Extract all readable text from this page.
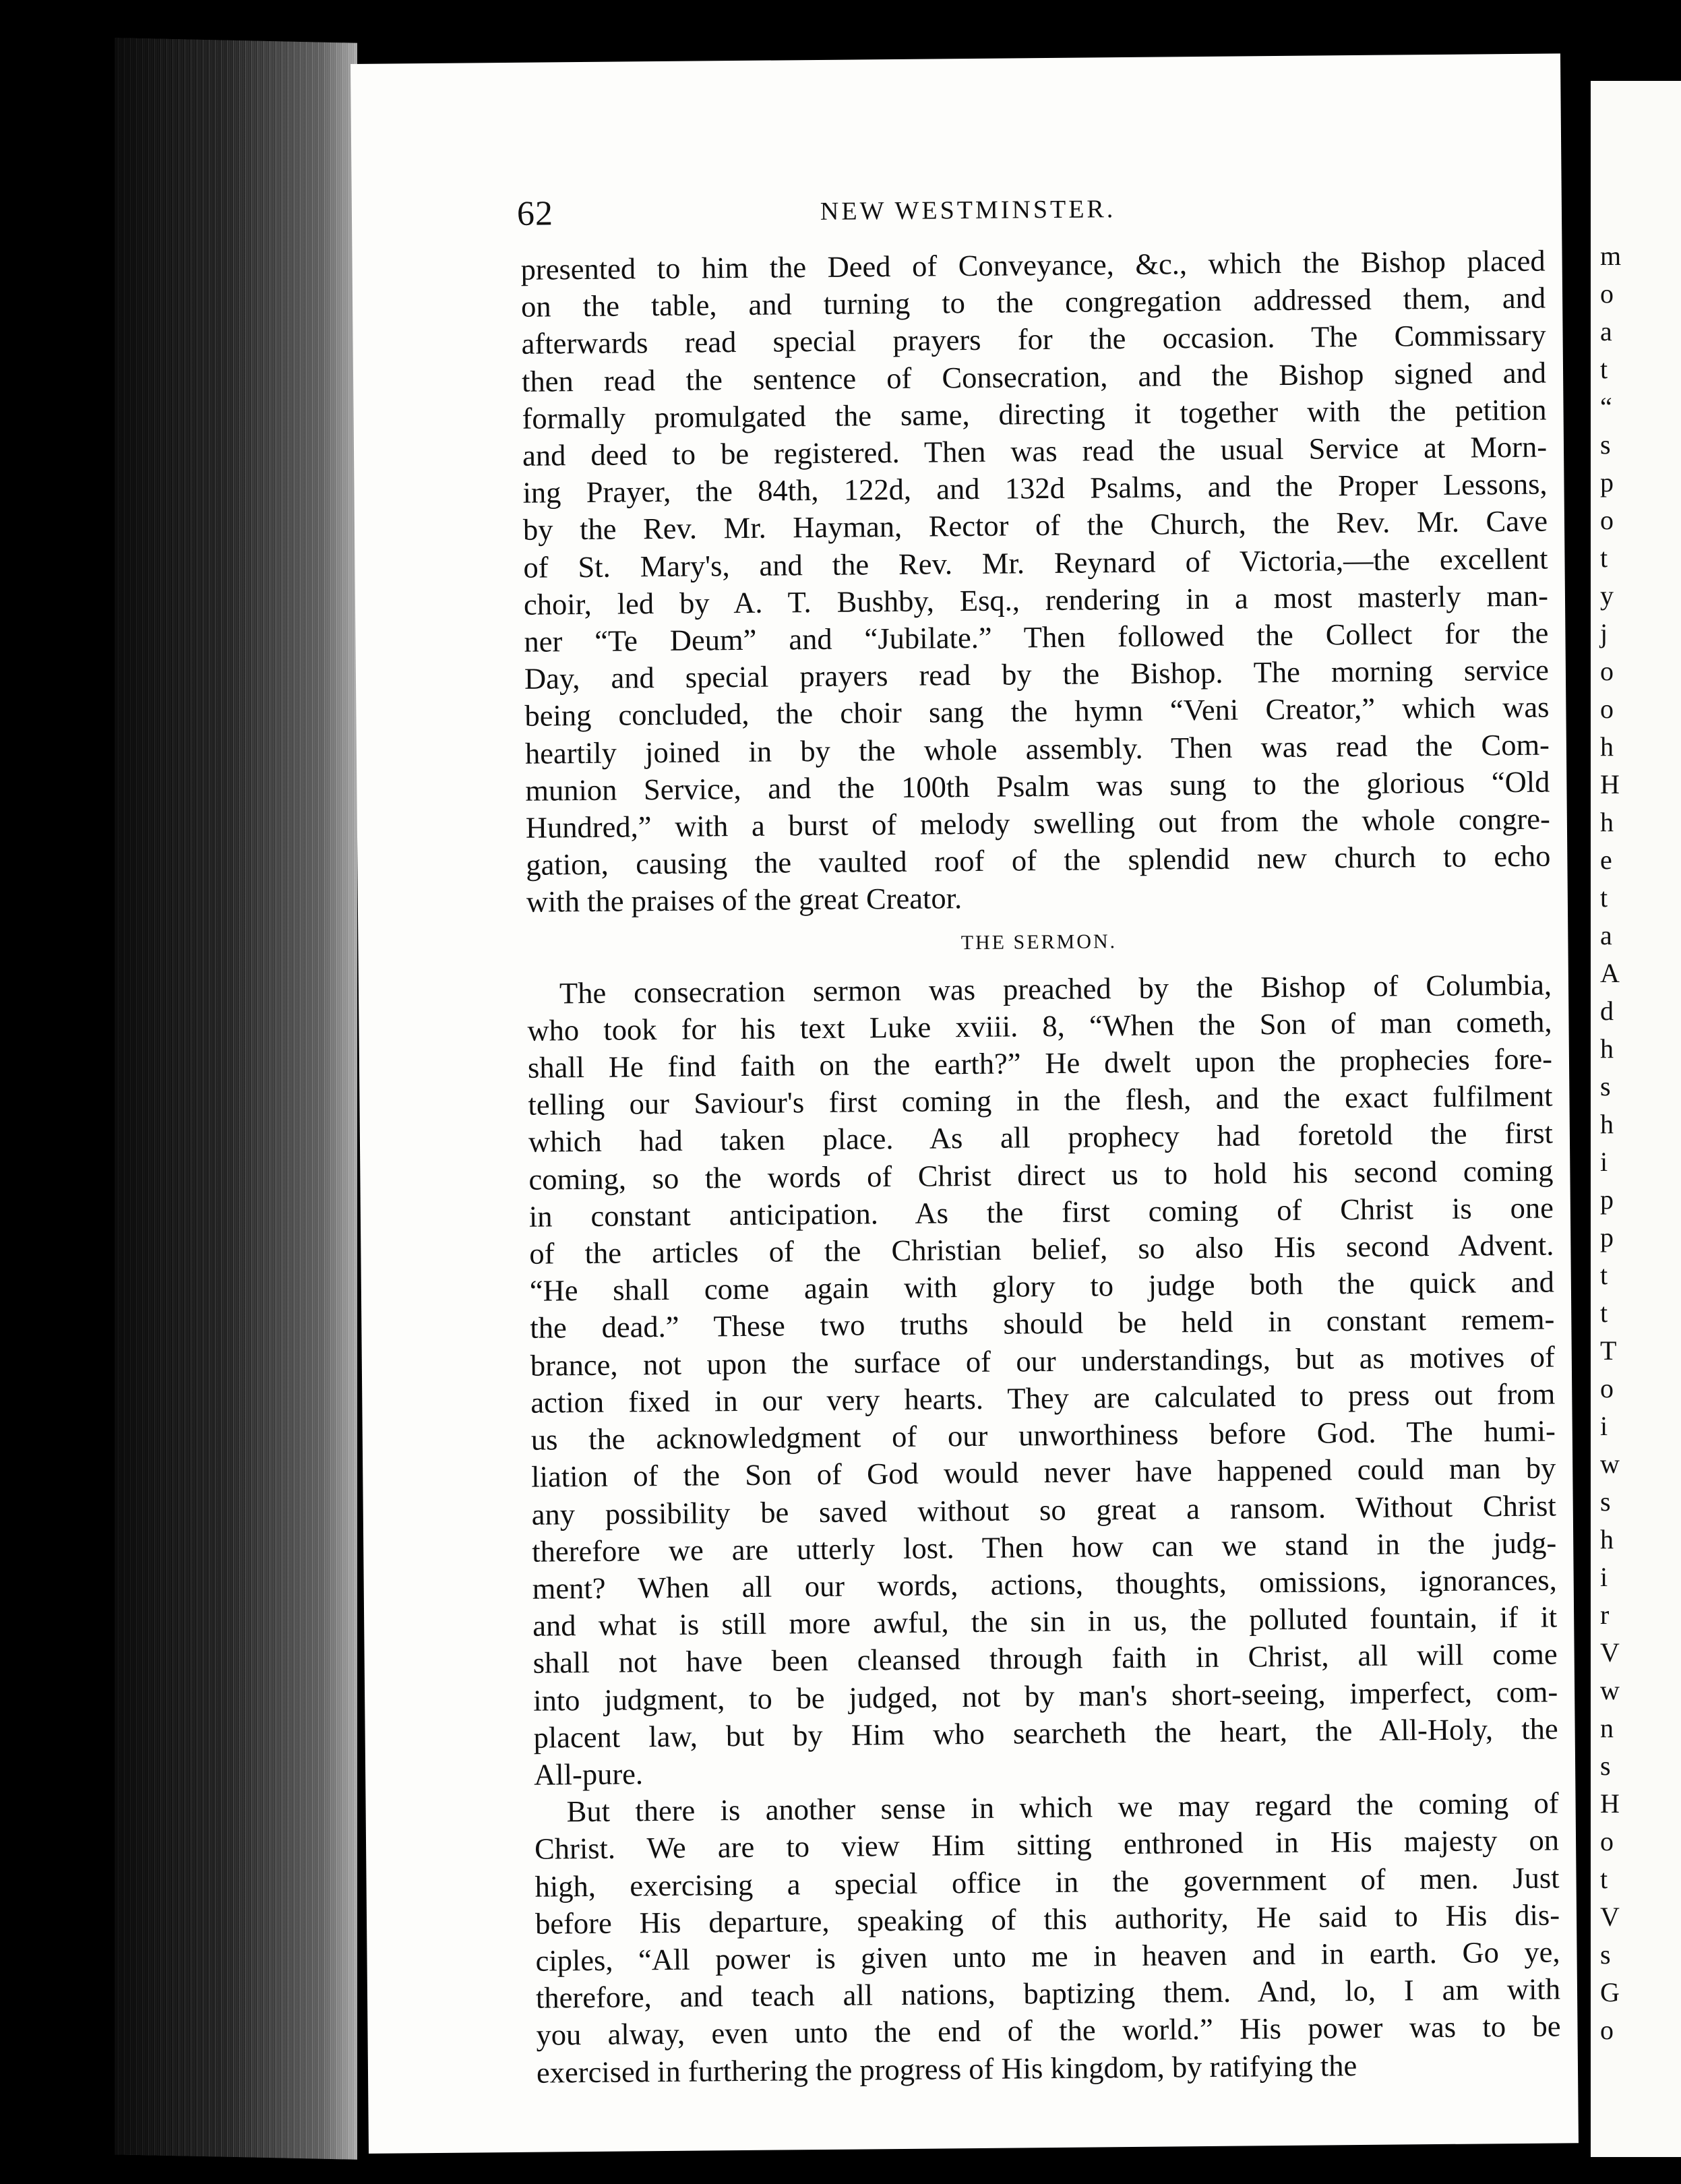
62	NEW WESTMINSTER.
presented to him the Deed of Conveyance, &c., which the Bishop placed
on the table, and turning to the congregation addressed them, and
afterwards read special prayers for the occasion. The Commissary
then read the sentence of Consecration, and the Bishop signed and
formally promulgated the same, directing it together with the petition
and deed to be registered. Then was read the usual Service at Morn-
ing Prayer, the 84th, 122d, and 132d Psalms, and the Proper Lessons,
by the Rev. Mr. Hayman, Rector of the Church, the Rev. Mr. Cave
of St. Mary's, and the Rev. Mr. Reynard of Victoria,—the excellent
choir, led by A. T. Bushby, Esq., rendering in a most masterly man-
ner “Te Deum” and “Jubilate.” Then followed the Collect for the
Day, and special prayers read by the Bishop. The morning service
being concluded, the choir sang the hymn “Veni Creator,” which was
heartily joined in by the whole assembly. Then was read the Com-
munion Service, and the 100th Psalm was sung to the glorious “Old
Hundred,” with a burst of melody swelling out from the whole congre-
gation, causing the vaulted roof of the splendid new church to echo
with the praises of the great Creator.
THE SERMON.
The consecration sermon was preached by the Bishop of Columbia,
who took for his text Luke xviii. 8, “When the Son of man cometh,
shall He find faith on the earth?” He dwelt upon the prophecies fore-
telling our Saviour's first coming in the flesh, and the exact fulfilment
which had taken place. As all prophecy had foretold the first
coming, so the words of Christ direct us to hold his second coming
in constant anticipation. As the first coming of Christ is one
of the articles of the Christian belief, so also His second Advent.
“He shall come again with glory to judge both the quick and
the dead.” These two truths should be held in constant remem-
brance, not upon the surface of our understandings, but as motives of
action fixed in our very hearts. They are calculated to press out from
us the acknowledgment of our unworthiness before God. The humi-
liation of the Son of God would never have happened could man by
any possibility be saved without so great a ransom. Without Christ
therefore we are utterly lost. Then how can we stand in the judg-
ment? When all our words, actions, thoughts, omissions, ignorances,
and what is still more awful, the sin in us, the polluted fountain, if it
shall not have been cleansed through faith in Christ, all will come
into judgment, to be judged, not by man's short-seeing, imperfect, com-
placent law, but by Him who searcheth the heart, the All-Holy, the
All-pure.
But there is another sense in which we may regard the coming of
Christ. We are to view Him sitting enthroned in His majesty on
high, exercising a special office in the government of men. Just
before His departure, speaking of this authority, He said to His dis-
ciples, “All power is given unto me in heaven and in earth. Go ye,
therefore, and teach all nations, baptizing them. And, lo, I am with
you alway, even unto the end of the world.” His power was to be
exercised in furthering the progress of His kingdom, by ratifying the
m
o
a
t
“
s
p
o
t
y
j
o
o
h
H
h
e
t
a
A
d
h
s
h
i
p
p
t
t
T
o
i
w
s
h
i
r
V
w
n
s
H
o
t
V
s
G
o
